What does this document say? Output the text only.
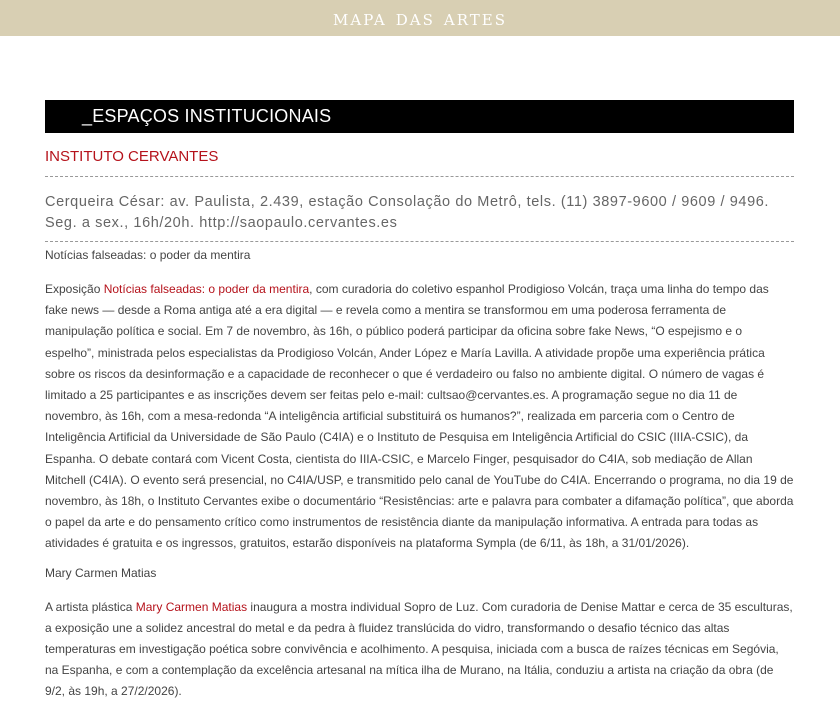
mapa das artes
_ESPAÇOS INSTITUCIONAIS
INSTITUTO CERVANTES
Cerqueira César: av. Paulista, 2.439, estação Consolação do Metrô, tels. (11) 3897-9600 / 9609 / 9496.
Seg. a sex., 16h/20h. http://saopaulo.cervantes.es
Notícias falseadas: o poder da mentira
Exposição Notícias falseadas: o poder da mentira, com curadoria do coletivo espanhol Prodigioso Volcán, traça uma linha do tempo das fake news — desde a Roma antiga até a era digital — e revela como a mentira se transformou em uma poderosa ferramenta de manipulação política e social. Em 7 de novembro, às 16h, o público poderá participar da oficina sobre fake News, “O espejismo e o espelho”, ministrada pelos especialistas da Prodigioso Volcán, Ander López e María Lavilla. A atividade propõe uma experiência prática sobre os riscos da desinformação e a capacidade de reconhecer o que é verdadeiro ou falso no ambiente digital. O número de vagas é limitado a 25 participantes e as inscrições devem ser feitas pelo e-mail: cultsao@cervantes.es. A programação segue no dia 11 de novembro, às 16h, com a mesa-redonda “A inteligência artificial substituirá os humanos?”, realizada em parceria com o Centro de Inteligência Artificial da Universidade de São Paulo (C4IA) e o Instituto de Pesquisa em Inteligência Artificial do CSIC (IIIA-CSIC), da Espanha. O debate contará com Vicent Costa, cientista do IIIA-CSIC, e Marcelo Finger, pesquisador do C4IA, sob mediação de Allan Mitchell (C4IA). O evento será presencial, no C4IA/USP, e transmitido pelo canal de YouTube do C4IA. Encerrando o programa, no dia 19 de novembro, às 18h, o Instituto Cervantes exibe o documentário “Resistências: arte e palavra para combater a difamação política”, que aborda o papel da arte e do pensamento crítico como instrumentos de resistência diante da manipulação informativa. A entrada para todas as atividades é gratuita e os ingressos, gratuitos, estarão disponíveis na plataforma Sympla (de 6/11, às 18h, a 31/01/2026).
Mary Carmen Matias
A artista plástica Mary Carmen Matias inaugura a mostra individual Sopro de Luz. Com curadoria de Denise Mattar e cerca de 35 esculturas, a exposição une a solidez ancestral do metal e da pedra à fluidez translúcida do vidro, transformando o desafio técnico das altas temperaturas em investigação poética sobre convivência e acolhimento. A pesquisa, iniciada com a busca de raízes técnicas em Segóvia, na Espanha, e com a contemplação da excelência artesanal na mítica ilha de Murano, na Itália, conduziu a artista na criação da obra (de 9/2, às 19h, a 27/2/2026).
